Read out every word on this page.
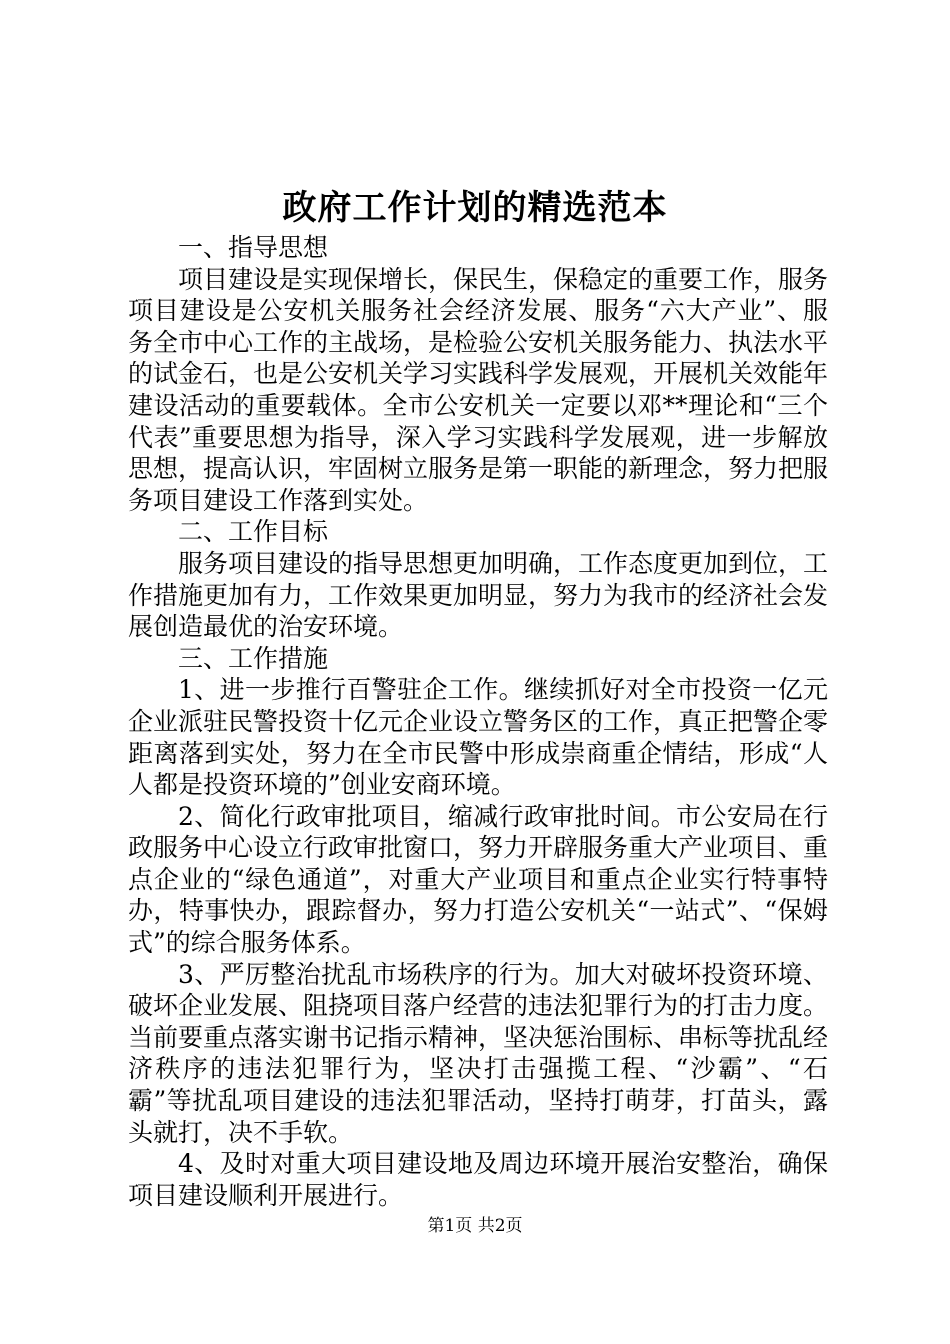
政府工作计划的精选范本

一、指导思想

项目建设是实现保增长，保民生，保稳定的重要工作，服务项目建设是公安机关服务社会经济发展、服务“六大产业”、服务全市中心工作的主战场，是检验公安机关服务能力、执法水平的试金石，也是公安机关学习实践科学发展观，开展机关效能年建设活动的重要载体。全市公安机关一定要以邓**理论和“三个代表”重要思想为指导，深入学习实践科学发展观，进一步解放思想，提高认识，牢固树立服务是第一职能的新理念，努力把服务项目建设工作落到实处。

二、工作目标

服务项目建设的指导思想更加明确，工作态度更加到位，工作措施更加有力，工作效果更加明显，努力为我市的经济社会发展创造最优的治安环境。

三、工作措施

1、进一步推行百警驻企工作。继续抓好对全市投资一亿元企业派驻民警投资十亿元企业设立警务区的工作，真正把警企零距离落到实处，努力在全市民警中形成崇商重企情结，形成“人人都是投资环境的”创业安商环境。

2、简化行政审批项目，缩减行政审批时间。市公安局在行政服务中心设立行政审批窗口，努力开辟服务重大产业项目、重点企业的“绿色通道”，对重大产业项目和重点企业实行特事特办，特事快办，跟踪督办，努力打造公安机关“一站式”、“保姆式”的综合服务体系。

3、严厉整治扰乱市场秩序的行为。加大对破坏投资环境、破坏企业发展、阻挠项目落户经营的违法犯罪行为的打击力度。当前要重点落实谢书记指示精神，坚决惩治围标、串标等扰乱经济秩序的违法犯罪行为，坚决打击强揽工程、“沙霸”、“石霸”等扰乱项目建设的违法犯罪活动，坚持打萌芽，打苗头，露头就打，决不手软。

4、及时对重大项目建设地及周边环境开展治安整治，确保项目建设顺利开展进行。

第1页 共2页
